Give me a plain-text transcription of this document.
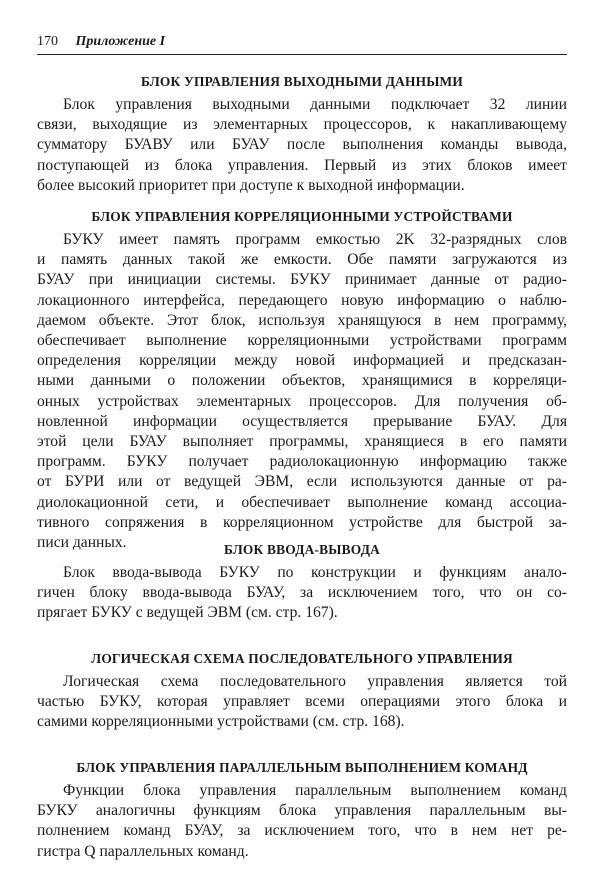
170 Приложение I
БЛОК УПРАВЛЕНИЯ ВЫХОДНЫМИ ДАННЫМИ
Блок управления выходными данными подключает 32 линии
связи, выходящие из элементарных процессоров, к накапливающему
сумматору БУАВУ или БУАУ после выполнения команды вывода,
поступающей из блока управления. Первый из этих блоков имеет
более высокий приоритет при доступе к выходной информации.
БЛОК УПРАВЛЕНИЯ КОРРЕЛЯЦИОННЫМИ УСТРОЙСТВАМИ
БУКУ имеет память программ емкостью 2K 32-разрядных слов
и память данных такой же емкости. Обе памяти загружаются из
БУАУ при инициации системы. БУКУ принимает данные от радио-
локационного интерфейса, передающего новую информацию о наблю-
даемом объекте. Этот блок, используя хранящуюся в нем программу,
обеспечивает выполнение корреляционными устройствами программ
определения корреляции между новой информацией и предсказан-
ными данными о положении объектов, хранящимися в корреляци-
онных устройствах элементарных процессоров. Для получения об-
новленной информации осуществляется прерывание БУАУ. Для
этой цели БУАУ выполняет программы, хранящиеся в его памяти
программ. БУКУ получает радиолокационную информацию также
от БУРИ или от ведущей ЭВМ, если используются данные от ра-
диолокационной сети, и обеспечивает выполнение команд ассоциа-
тивного сопряжения в корреляционном устройстве для быстрой за-
писи данных.	БЛОК ВВОДА-ВЫВОДА
Блок ввода-вывода БУКУ по конструкции и функциям анало-
гичен блоку ввода-вывода БУАУ, за исключением того, что он со-
прягает БУКУ с ведущей ЭВМ (см. стр. 167).
ЛОГИЧЕСКАЯ СХЕМА ПОСЛЕДОВАТЕЛЬНОГО УПРАВЛЕНИЯ
Логическая схема последовательного управления является той
частью БУКУ, которая управляет всеми операциями этого блока и
самими корреляционными устройствами (см. стр. 168).
БЛОК УПРАВЛЕНИЯ ПАРАЛЛЕЛЬНЫМ ВЫПОЛНЕНИЕМ КОМАНД
Функции блока управления параллельным выполнением команд
БУКУ аналогичны функциям блока управления параллельным вы-
полнением команд БУАУ, за исключением того, что в нем нет ре-
гистра Q параллельных команд.
